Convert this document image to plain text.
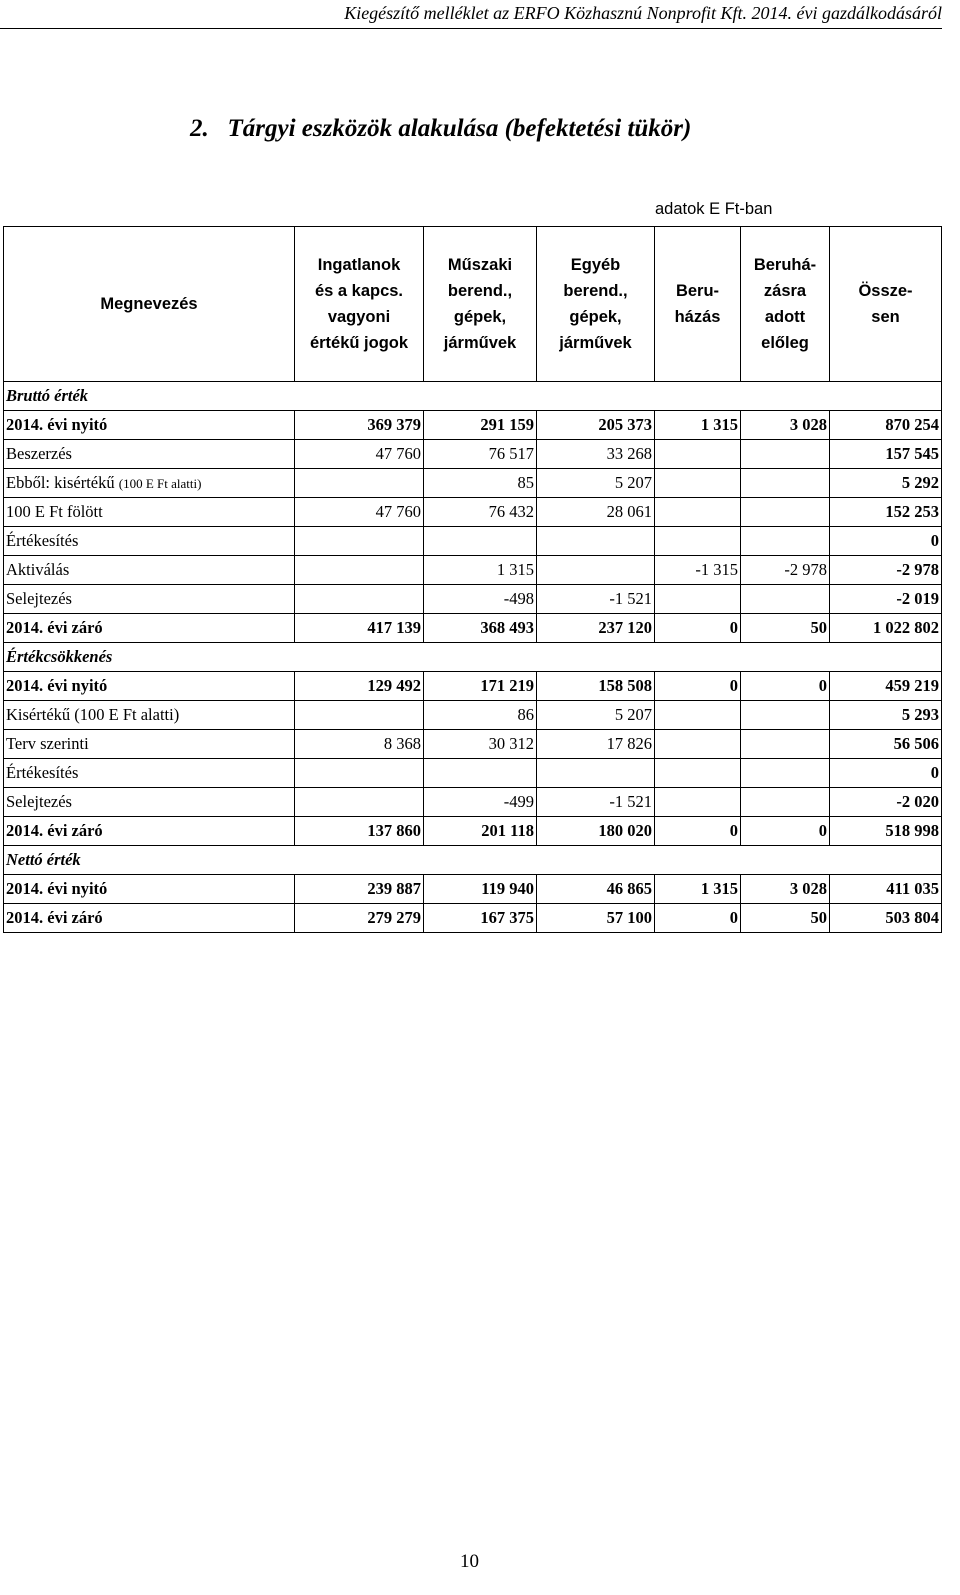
Kiegészítő melléklet az ERFO Közhasznú Nonprofit Kft. 2014. évi gazdálkodásáról
2. Tárgyi eszközök alakulása (befektetési tükör)
adatok E Ft-ban
Megnevezés	Ingatlanok
és a kapcs.
vagyoni
értékű jogok	Műszaki
berend.,
gépek,
járművek	Egyéb
berend.,
gépek,
járművek	Beru-
házás	Beruhá-
zásra
adott
előleg	Össze-
sen

Bruttó érték						
2014. évi nyitó	369 379	291 159	205 373	1 315	3 028	870 254
Beszerzés	47 760	76 517	33 268			157 545
Ebből: kisértékű (100 E Ft alatti)		85	5 207			5 292
100 E Ft fölött	47 760	76 432	28 061			152 253
Értékesítés						0
Aktiválás		1 315		-1 315	-2 978	-2 978
Selejtezés		-498	-1 521			-2 019
2014. évi záró	417 139	368 493	237 120	0	50	1 022 802
Értékcsökkenés						
2014. évi nyitó	129 492	171 219	158 508	0	0	459 219
Kisértékű (100 E Ft alatti)		86	5 207			5 293
Terv szerinti	8 368	30 312	17 826			56 506
Értékesítés						0
Selejtezés		-499	-1 521			-2 020
2014. évi záró	137 860	201 118	180 020	0	0	518 998
Nettó érték						
2014. évi nyitó	239 887	119 940	46 865	1 315	3 028	411 035
2014. évi záró	279 279	167 375	57 100	0	50	503 804
10
